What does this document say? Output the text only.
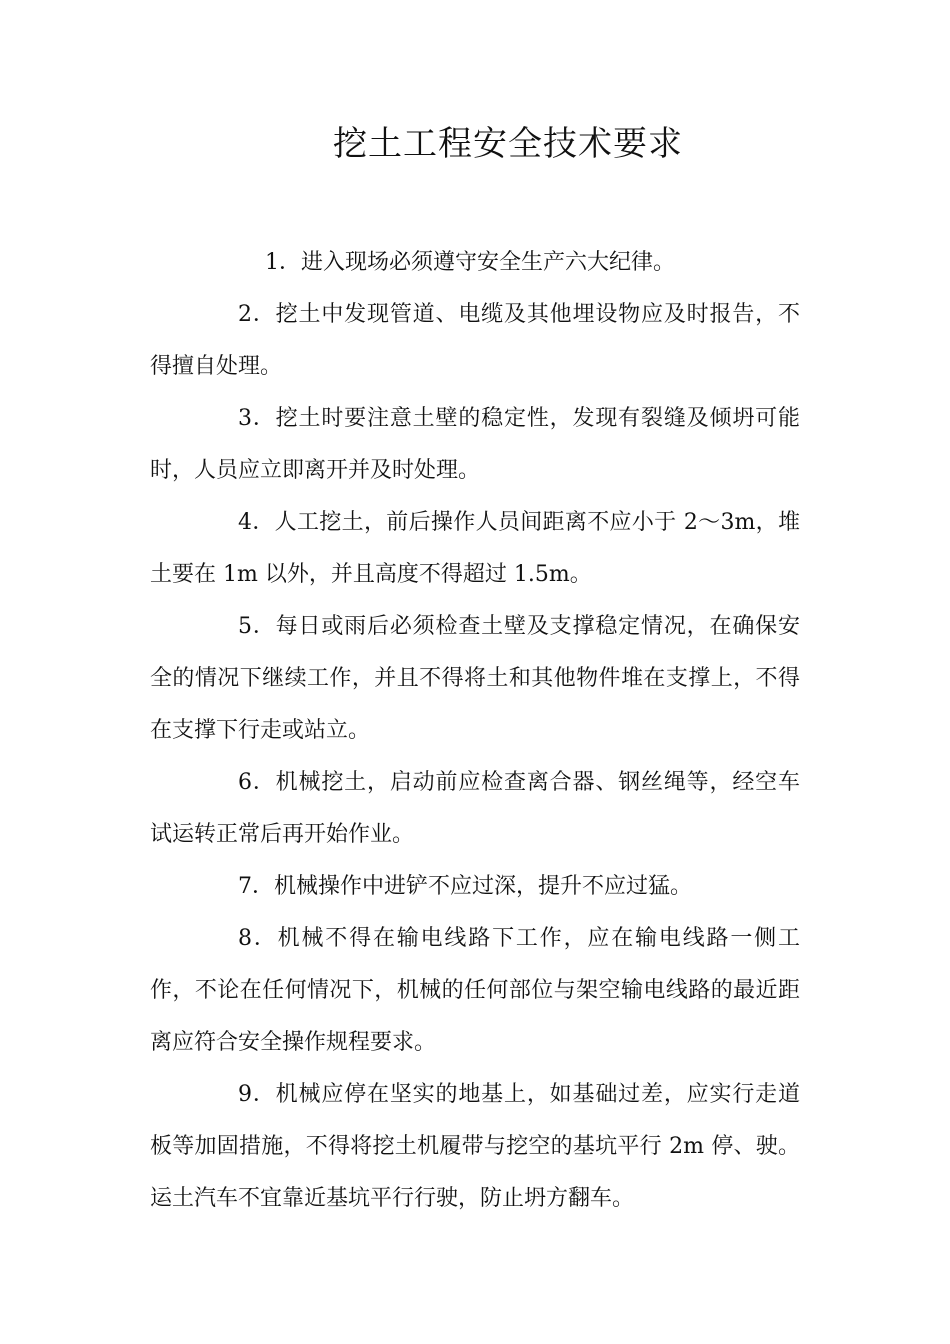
挖土工程安全技术要求

1．进入现场必须遵守安全生产六大纪律。

2．挖土中发现管道、电缆及其他埋设物应及时报告，不得擅自处理。

3．挖土时要注意土壁的稳定性，发现有裂缝及倾坍可能时，人员应立即离开并及时处理。

4．人工挖土，前后操作人员间距离不应小于 2～3m，堆土要在 1m 以外，并且高度不得超过 1.5m。

5．每日或雨后必须检查土壁及支撑稳定情况，在确保安全的情况下继续工作，并且不得将土和其他物件堆在支撑上，不得在支撑下行走或站立。

6．机械挖土，启动前应检查离合器、钢丝绳等，经空车试运转正常后再开始作业。

7．机械操作中进铲不应过深，提升不应过猛。

8．机械不得在输电线路下工作，应在输电线路一侧工作，不论在任何情况下，机械的任何部位与架空输电线路的最近距离应符合安全操作规程要求。

9．机械应停在坚实的地基上，如基础过差，应实行走道板等加固措施，不得将挖土机履带与挖空的基坑平行 2m 停、驶。运土汽车不宜靠近基坑平行行驶，防止坍方翻车。
